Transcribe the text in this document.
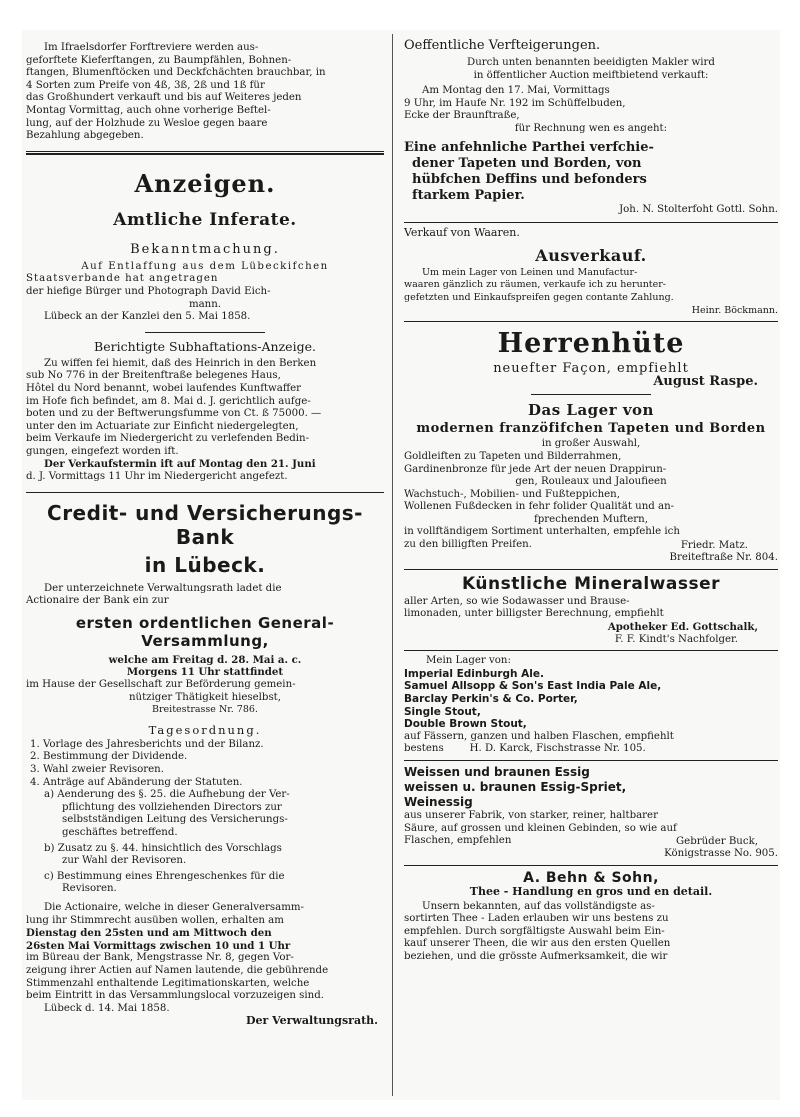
Im Ifraelsdorfer Forftreviere werden aus-

geforftete Kieferftangen, zu Baumpfählen, Bohnen-

ftangen, Blumenftöcken und Deckfchächten brauchbar, in

4 Sorten zum Preife von 4ß, 3ß, 2ß und 1ß für

das Großhundert verkauft und bis auf Weiteres jeden

Montag Vormittag, auch ohne vorherige Beftel-

lung, auf der Holzhude zu Wesloe gegen baare

Bezahlung abgegeben.

Anzeigen.
Amtliche Inferate.
Bekanntmachung.

Auf Entlaffung aus dem Lübeckifchen

Staatsverbande hat angetragen

der hiefige Bürger und Photograph David Eich-

mann.

Lübeck an der Kanzlei den 5. Mai 1858.

Berichtigte Subhaftations-Anzeige.

Zu wiffen fei hiemit, daß des Heinrich in den Berken

sub No 776 in der Breitenftraße belegenes Haus,

Hôtel du Nord benannt, wobei laufendes Kunftwaffer

im Hofe fich befindet, am 8. Mai d. J. gerichtlich aufge-

boten und zu der Beftwerungsfumme von Ct. ß 75000. —

unter den im Actuariate zur Einficht niedergelegten,

beim Verkaufe im Niedergericht zu verlefenden Bedin-

gungen, eingefezt worden ift.

Der Verkaufstermin ift auf Montag den 21. Juni

d. J. Vormittags 11 Uhr im Niedergericht angefezt.

Credit- und Versicherungs-Bank
in Lübeck.

Der unterzeichnete Verwaltungsrath ladet die

Actionaire der Bank ein zur

ersten ordentlichen General-Versammlung,

welche am Freitag d. 28. Mai a. c.

Morgens 11 Uhr stattfindet

im Hause der Gesellschaft zur Beförderung gemein-

nütziger Thätigkeit hieselbst,

Breitestrasse Nr. 786.

Tagesordnung.

1. Vorlage des Jahresberichts und der Bilanz.

2. Bestimmung der Dividende.

3. Wahl zweier Revisoren.

4. Anträge auf Abänderung der Statuten.

a) Aenderung des §. 25. die Aufhebung der Ver-

pflichtung des vollziehenden Directors zur

selbstständigen Leitung des Versicherungs-

geschäftes betreffend.

b) Zusatz zu §. 44. hinsichtlich des Vorschlags

zur Wahl der Revisoren.

c) Bestimmung eines Ehrengeschenkes für die

Revisoren.

Die Actionaire, welche in dieser Generalversamm-

lung ihr Stimmrecht ausüben wollen, erhalten am

Dienstag den 25sten und am Mittwoch den

26sten Mai Vormittags zwischen 10 und 1 Uhr

im Büreau der Bank, Mengstrasse Nr. 8, gegen Vor-

zeigung ihrer Actien auf Namen lautende, die gebührende

Stimmenzahl enthaltende Legitimationskarten, welche

beim Eintritt in das Versammlungslocal vorzuzeigen sind.

Lübeck d. 14. Mai 1858.

Der Verwaltungsrath.

Oeffentliche Verfteigerungen.

Durch unten benannten beeidigten Makler wird

in öffentlicher Auction meiftbietend verkauft:

Am Montag den 17. Mai, Vormittags

9 Uhr, im Haufe Nr. 192 im Schüffelbuden,

Ecke der Braunftraße,

für Rechnung wen es angeht:

Eine anfehnliche Parthei verfchie-

dener Tapeten und Borden, von

hübfchen Deffins und befonders

ftarkem Papier.

Joh. N. Stolterfoht Gottl. Sohn.

Verkauf von Waaren.

Ausverkauf.

Um mein Lager von Leinen und Manufactur-

waaren gänzlich zu räumen, verkaufe ich zu herunter-

gefetzten und Einkaufspreifen gegen contante Zahlung.

Heinr. Böckmann.

Herrenhüte

neuefter Façon, empfiehlt

August Raspe.

Das Lager von
modernen franzöfifchen Tapeten und Borden

in großer Auswahl,

Goldleiften zu Tapeten und Bilderrahmen,

Gardinenbronze für jede Art der neuen Drappirun-

gen, Rouleaux und Jaloufieen

Wachstuch-, Mobilien- und Fußteppichen,

Wollenen Fußdecken in fehr folider Qualität und an-

fprechenden Muftern,

in vollftändigem Sortiment unterhalten, empfehle ich

zu den billigften Preifen.	Friedr. Matz.

Breiteftraße Nr. 804.

Künstliche Mineralwasser

aller Arten, so wie Sodawasser und Brause-

limonaden, unter billigster Berechnung, empfiehlt

Apotheker Ed. Gottschalk,

F. F. Kindt's Nachfolger.

Mein Lager von:

Imperial Edinburgh Ale.

Samuel Allsopp & Son's East India Pale Ale,

Barclay Perkin's & Co. Porter,

Single Stout,

Double Brown Stout,

auf Fässern, ganzen und halben Flaschen, empfiehlt

bestens        H. D. Karck, Fischstrasse Nr. 105.

Weissen und braunen Essig

weissen u. braunen Essig-Spriet,

Weinessig

aus unserer Fabrik, von starker, reiner, haltbarer

Säure, auf grossen und kleinen Gebinden, so wie auf

Flaschen, empfehlen	Gebrüder Buck,

Königstrasse No. 905.

A. Behn & Sohn,

Thee - Handlung en gros und en detail.

Unsern bekannten, auf das vollständigste as-

sortirten Thee - Laden erlauben wir uns bestens zu

empfehlen. Durch sorgfältigste Auswahl beim Ein-

kauf unserer Theen, die wir aus den ersten Quellen

beziehen, und die grösste Aufmerksamkeit, die wir
